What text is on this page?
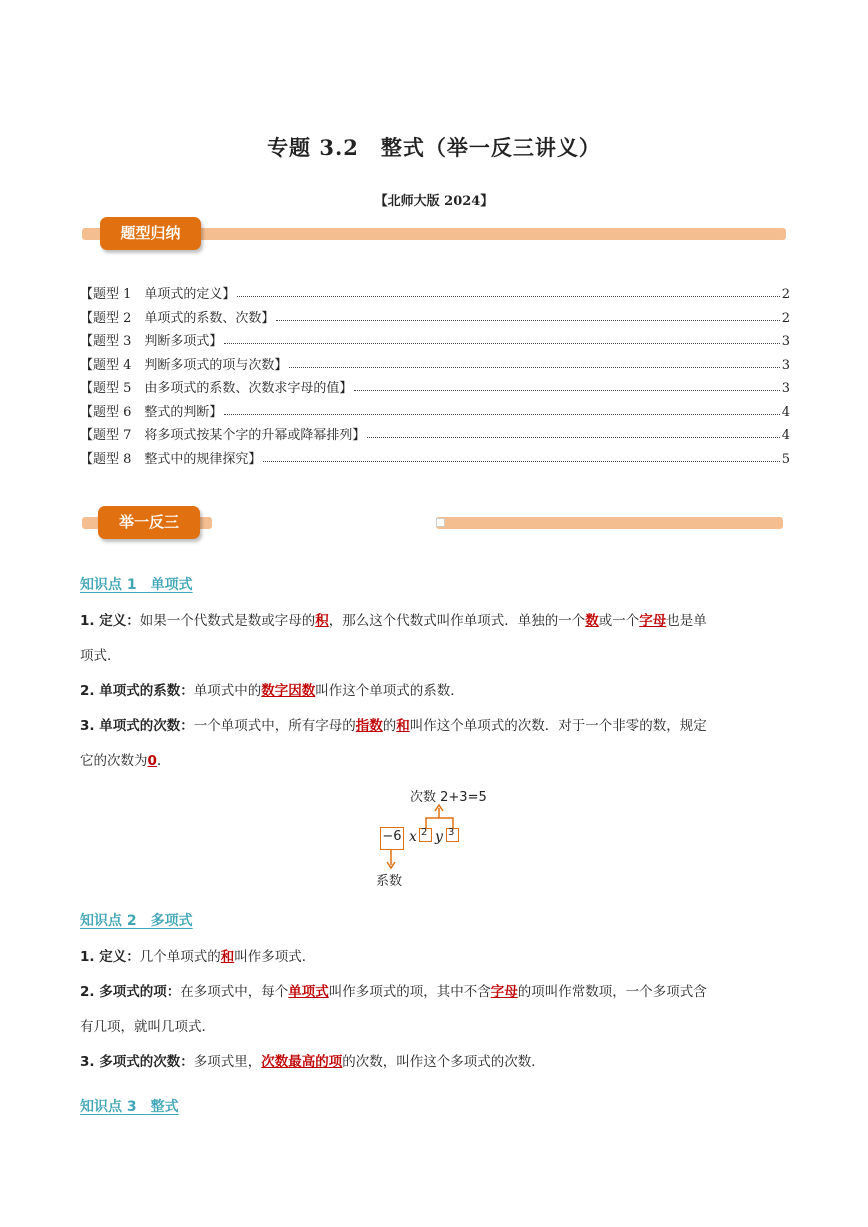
专题 3.2　整式（举一反三讲义）
【北师大版 2024】
题型归纳
【题型 1　单项式的定义】	2
【题型 2　单项式的系数、次数】	2
【题型 3　判断多项式】	3
【题型 4　判断多项式的项与次数】	3
【题型 5　由多项式的系数、次数求字母的值】	3
【题型 6　整式的判断】	4
【题型 7　将多项式按某个字的升幂或降幂排列】	4
【题型 8　整式中的规律探究】	5
举一反三
知识点 1　单项式
1. 定义：如果一个代数式是数或字母的积，那么这个代数式叫作单项式．单独的一个数或一个字母也是单
项式．
2. 单项式的系数：单项式中的数字因数叫作这个单项式的系数．
3. 单项式的次数：一个单项式中，所有字母的指数的和叫作这个单项式的次数．对于一个非零的数，规定
它的次数为0.
次数 2+3=5
−6 x 2 y 3
系数
知识点 2　多项式
1. 定义：几个单项式的和叫作多项式．
2. 多项式的项：在多项式中，每个单项式叫作多项式的项，其中不含字母的项叫作常数项，一个多项式含
有几项，就叫几项式．
3. 多项式的次数：多项式里，次数最高的项的次数，叫作这个多项式的次数．
知识点 3　整式
